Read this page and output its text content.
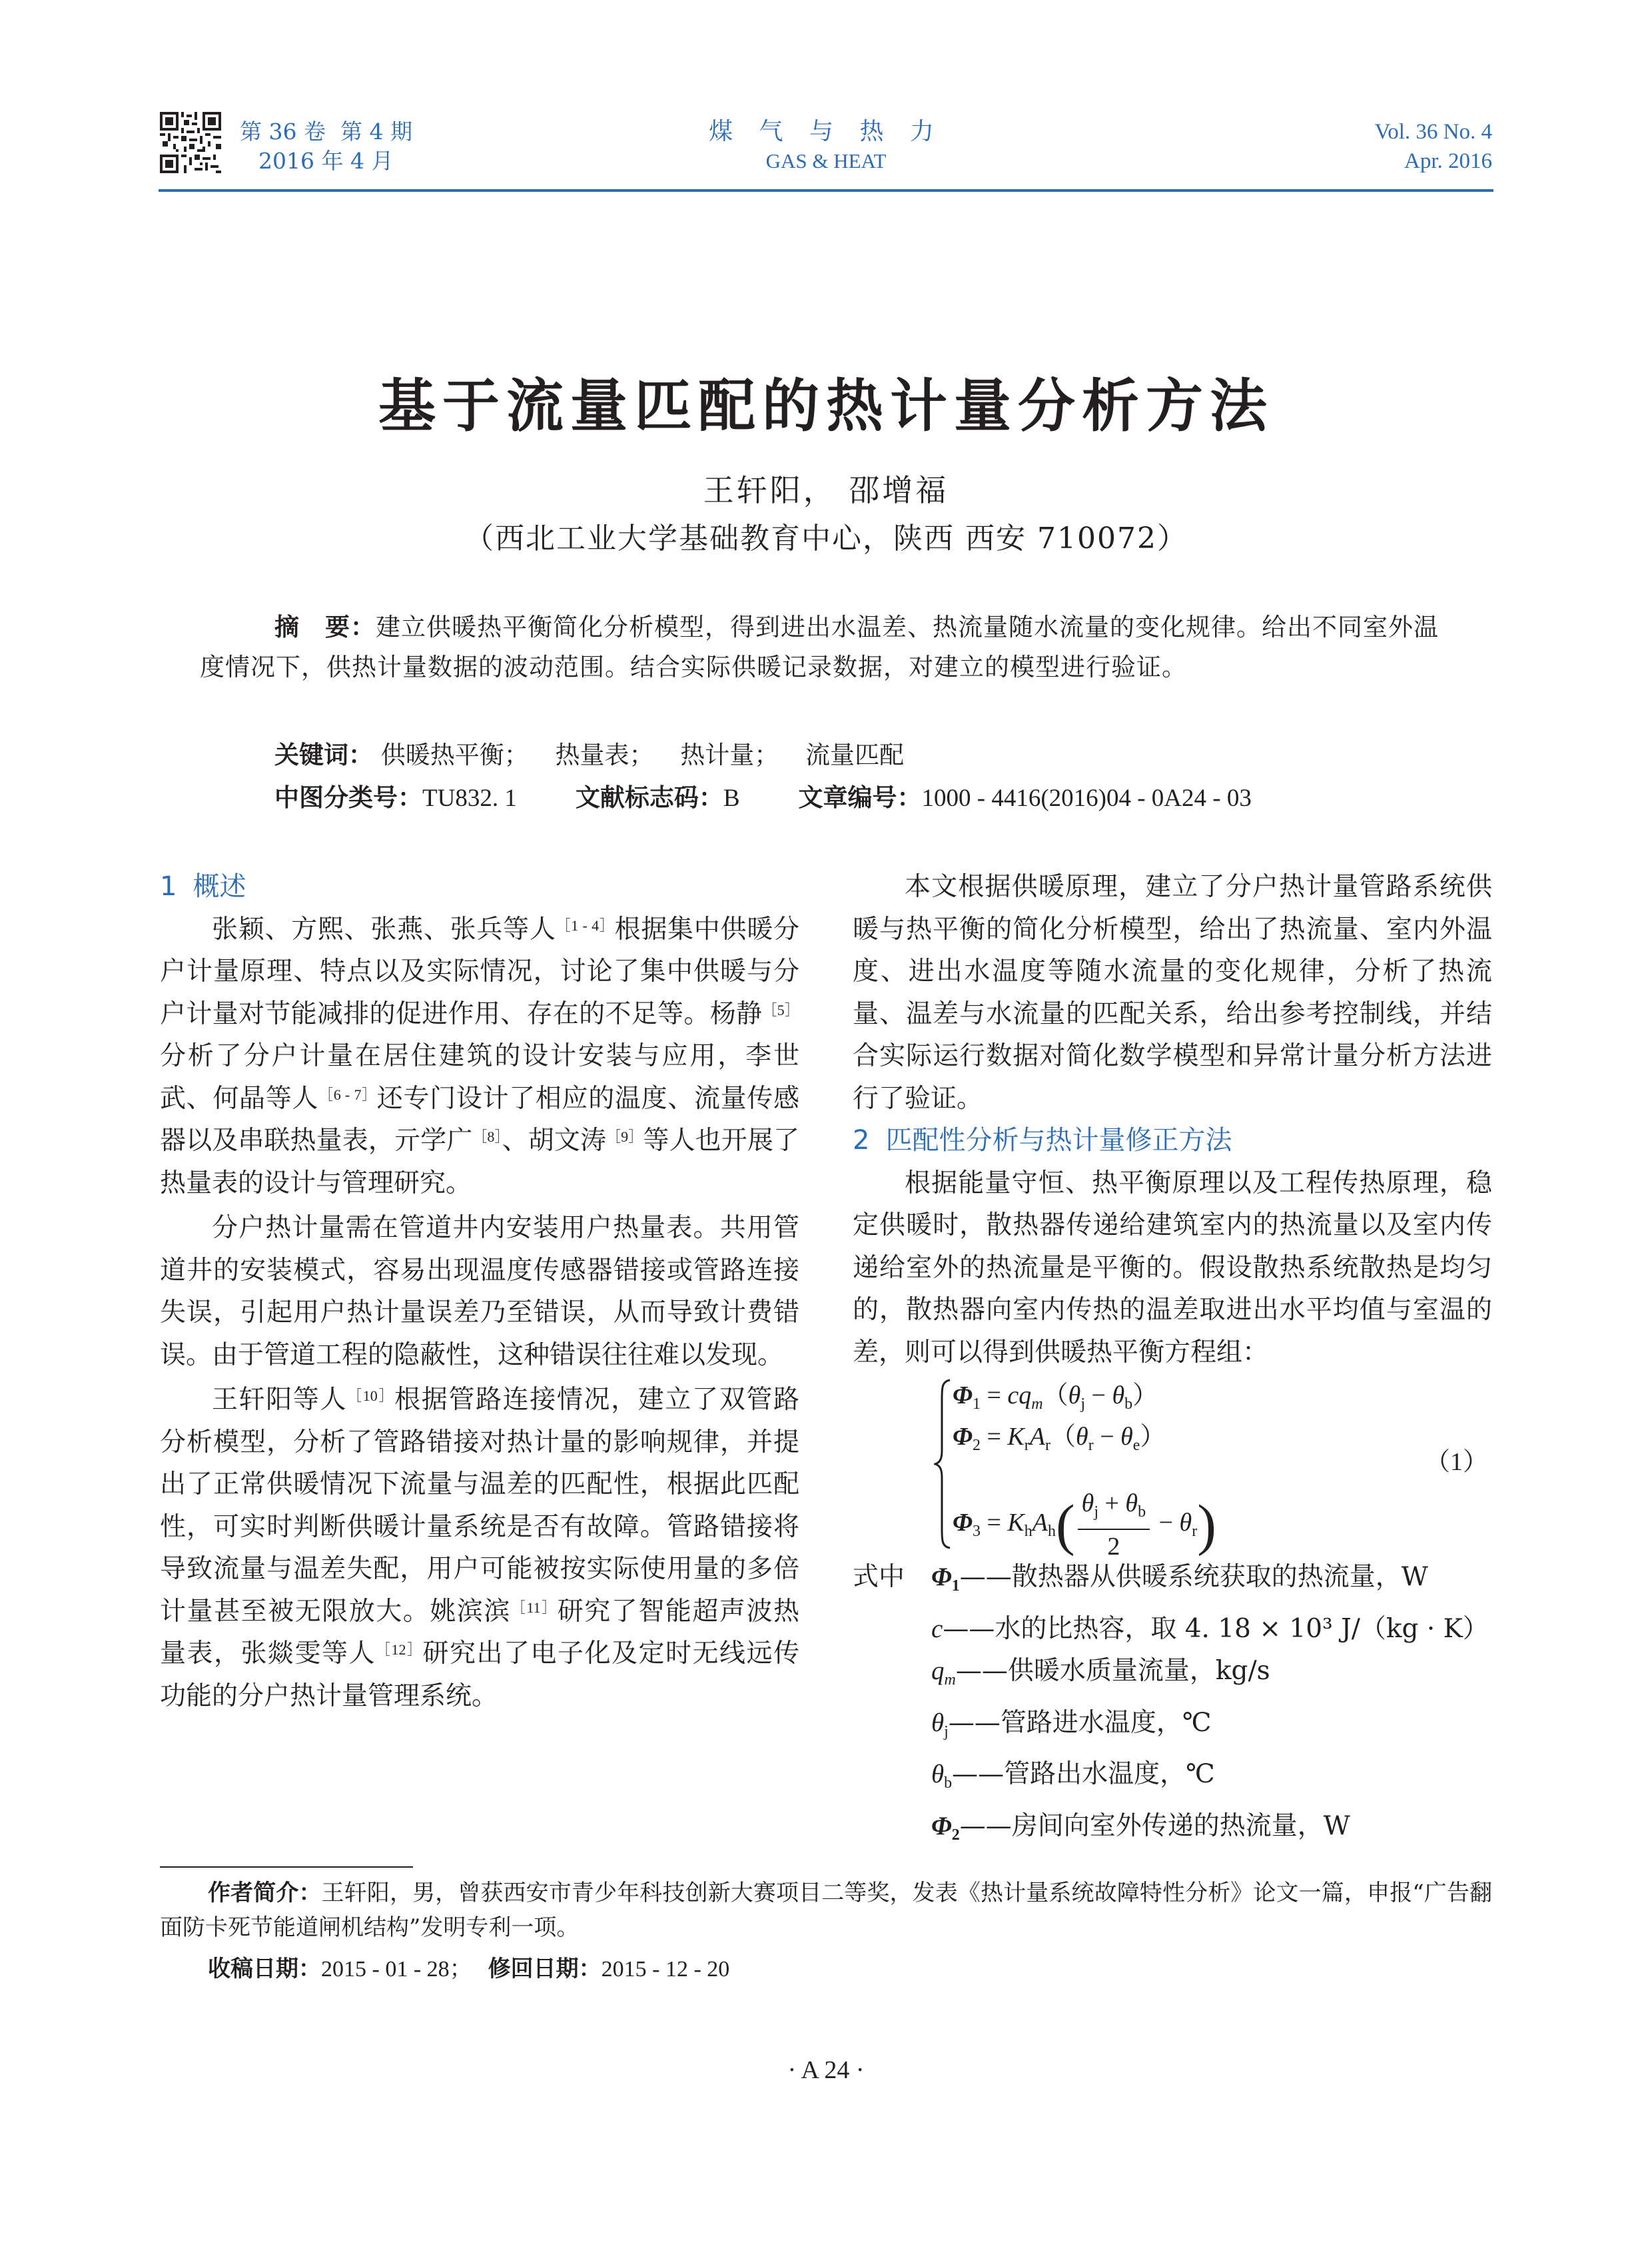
第 36 卷 第 4 期
2016 年 4 月
煤 气 与 热 力
GAS & HEAT
Vol. 36 No. 4
Apr. 2016
基于流量匹配的热计量分析方法
王轩阳， 邵增福
（西北工业大学基础教育中心，陕西 西安 710072）
摘　要：建立供暖热平衡简化分析模型，得到进出水温差、热流量随水流量的变化规律。给出不同室外温度情况下，供热计量数据的波动范围。结合实际供暖记录数据，对建立的模型进行验证。
关键词： 供暖热平衡； 热量表； 热计量； 流量匹配
中图分类号：TU832. 1 文献标志码：B 文章编号：1000 - 4416(2016)04 - 0A24 - 03

1 概述

张颖、方熙、张燕、张兵等人$^{[1 - 4]}$根据集中供暖分户计量原理、特点以及实际情况，讨论了集中供暖与分户计量对节能减排的促进作用、存在的不足等。杨静$^{[5]}$分析了分户计量在居住建筑的设计安装与应用，李世武、何晶等人$^{[6 - 7]}$还专门设计了相应的温度、流量传感器以及串联热量表，亓学广$^{[8]}$、胡文涛$^{[9]}$等人也开展了热量表的设计与管理研究。

分户热计量需在管道井内安装用户热量表。共用管道井的安装模式，容易出现温度传感器错接或管路连接失误，引起用户热计量误差乃至错误，从而导致计费错误。由于管道工程的隐蔽性，这种错误往往难以发现。

王轩阳等人$^{[10]}$根据管路连接情况，建立了双管路分析模型，分析了管路错接对热计量的影响规律，并提出了正常供暖情况下流量与温差的匹配性，根据此匹配性，可实时判断供暖计量系统是否有故障。管路错接将导致流量与温差失配，用户可能被按实际使用量的多倍计量甚至被无限放大。姚滨滨$^{[11]}$研究了智能超声波热量表，张燚雯等人$^{[12]}$研究出了电子化及定时无线远传功能的分户热计量管理系统。

本文根据供暖原理，建立了分户热计量管路系统供暖与热平衡的简化分析模型，给出了热流量、室内外温度、进出水温度等随水流量的变化规律，分析了热流量、温差与水流量的匹配关系，给出参考控制线，并结合实际运行数据对简化数学模型和异常计量分析方法进行了验证。

2 匹配性分析与热计量修正方法

根据能量守恒、热平衡原理以及工程传热原理，稳定供暖时，散热器传递给建筑室内的热流量以及室内传递给室外的热流量是平衡的。假设散热系统散热是均匀的，散热器向室内传热的温差取进出水平均值与室温的差，则可以得到供暖热平衡方程组：

$\Phi_1 = cq_m(\theta_j - \theta_b)$
$\Phi_2 = K_rA_r(\theta_r - \theta_e)$
$\Phi_3 = K_hA_h( \frac{\theta_j + \theta_b}{2} - \theta_r)$
（1）
式中 $\Phi_1——$散热器从供暖系统获取的热流量，W
c——水的比热容，取 4. 18 × 10³ J/（kg · K）
$q_m——$供暖水质量流量，kg/s
$\theta_j——$管路进水温度，℃
$\theta_b——$管路出水温度，℃
$\Phi_2——$房间向室外传递的热流量，W

作者简介：王轩阳，男，曾获西安市青少年科技创新大赛项目二等奖，发表《热计量系统故障特性分析》论文一篇，申报“广告翻面防卡死节能道闸机结构”发明专利一项。

收稿日期：2015 - 01 - 28； 修回日期：2015 - 12 - 20
· A 24 ·
